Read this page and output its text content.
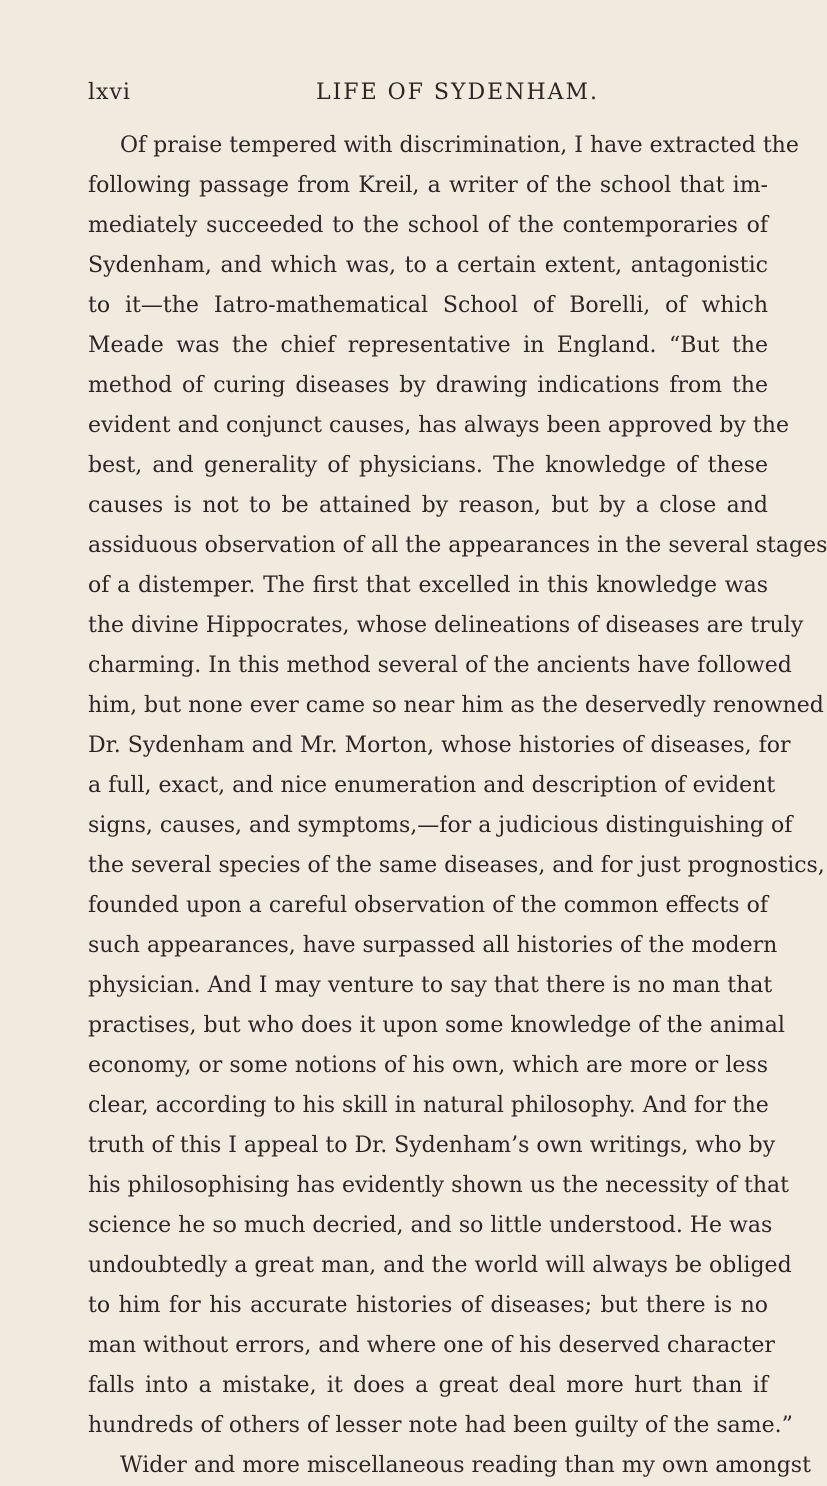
lxvi	LIFE OF SYDENHAM.

Of praise tempered with discrimination, I have extracted the
following passage from Kreil, a writer of the school that im-
mediately succeeded to the school of the contemporaries of
Sydenham, and which was, to a certain extent, antagonistic
to it—the Iatro-mathematical School of Borelli, of which
Meade was the chief representative in England. “But the
method of curing diseases by drawing indications from the
evident and conjunct causes, has always been approved by the
best, and generality of physicians. The knowledge of these
causes is not to be attained by reason, but by a close and
assiduous observation of all the appearances in the several stages
of a distemper. The first that excelled in this knowledge was
the divine Hippocrates, whose delineations of diseases are truly
charming. In this method several of the ancients have followed
him, but none ever came so near him as the deservedly renowned
Dr. Sydenham and Mr. Morton, whose histories of diseases, for
a full, exact, and nice enumeration and description of evident
signs, causes, and symptoms,—for a judicious distinguishing of
the several species of the same diseases, and for just prognostics,
founded upon a careful observation of the common effects of
such appearances, have surpassed all histories of the modern
physician. And I may venture to say that there is no man that
practises, but who does it upon some knowledge of the animal
economy, or some notions of his own, which are more or less
clear, according to his skill in natural philosophy. And for the
truth of this I appeal to Dr. Sydenham’s own writings, who by
his philosophising has evidently shown us the necessity of that
science he so much decried, and so little understood. He was
undoubtedly a great man, and the world will always be obliged
to him for his accurate histories of diseases; but there is no
man without errors, and where one of his deserved character
falls into a mistake, it does a great deal more hurt than if
hundreds of others of lesser note had been guilty of the same.”
Wider and more miscellaneous reading than my own amongst
